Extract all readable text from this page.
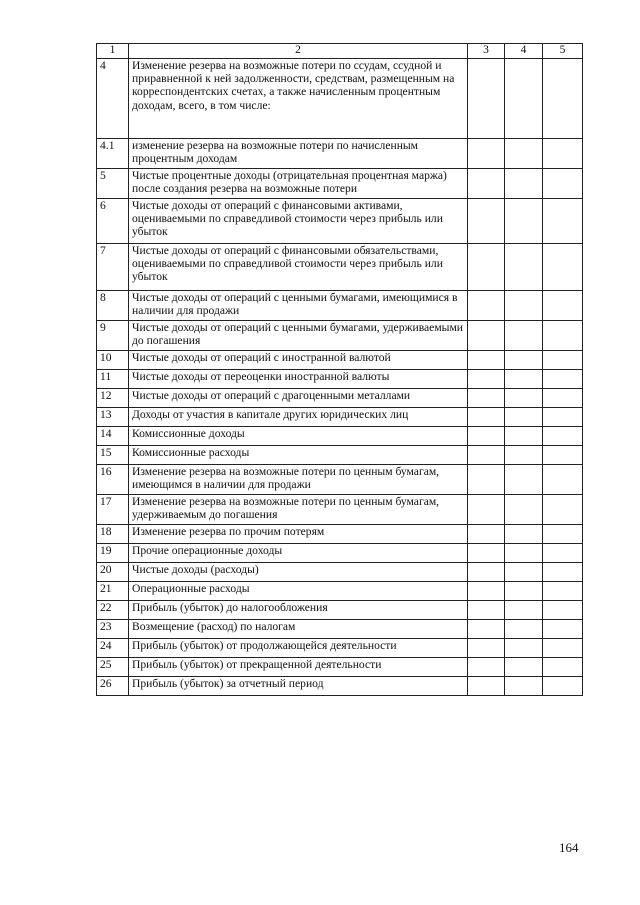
1	2	3	4	5
4	Изменение резерва на возможные потери по ссудам, ссудной и приравненной к ней задолженности, средствам, размещенным на корреспондентских счетах, а также начисленным процентным доходам, всего, в том числе:			
4.1	изменение резерва на возможные потери по начисленным процентным доходам			
5	Чистые процентные доходы (отрицательная процентная маржа) после создания резерва на возможные потери			
6	Чистые доходы от операций с финансовыми активами, оцениваемыми по справедливой стоимости через прибыль или убыток			
7	Чистые доходы от операций с финансовыми обязательствами, оцениваемыми по справедливой стоимости через прибыль или убыток			
8	Чистые доходы от операций с ценными бумагами, имеющимися в наличии для продажи			
9	Чистые доходы от операций с ценными бумагами, удерживаемыми до погашения			
10	Чистые доходы от операций с иностранной валютой			
11	Чистые доходы от переоценки иностранной валюты			
12	Чистые доходы от операций с драгоценными металлами			
13	Доходы от участия в капитале других юридических лиц			
14	Комиссионные доходы			
15	Комиссионные расходы			
16	Изменение резерва на возможные потери по ценным бумагам, имеющимся в наличии для продажи			
17	Изменение резерва на возможные потери по ценным бумагам, удерживаемым до погашения			
18	Изменение резерва по прочим потерям			
19	Прочие операционные доходы			
20	Чистые доходы (расходы)			
21	Операционные расходы			
22	Прибыль (убыток) до налогообложения			
23	Возмещение (расход) по налогам			
24	Прибыль (убыток) от продолжающейся деятельности			
25	Прибыль (убыток) от прекращенной деятельности			
26	Прибыль (убыток) за отчетный период			
164
